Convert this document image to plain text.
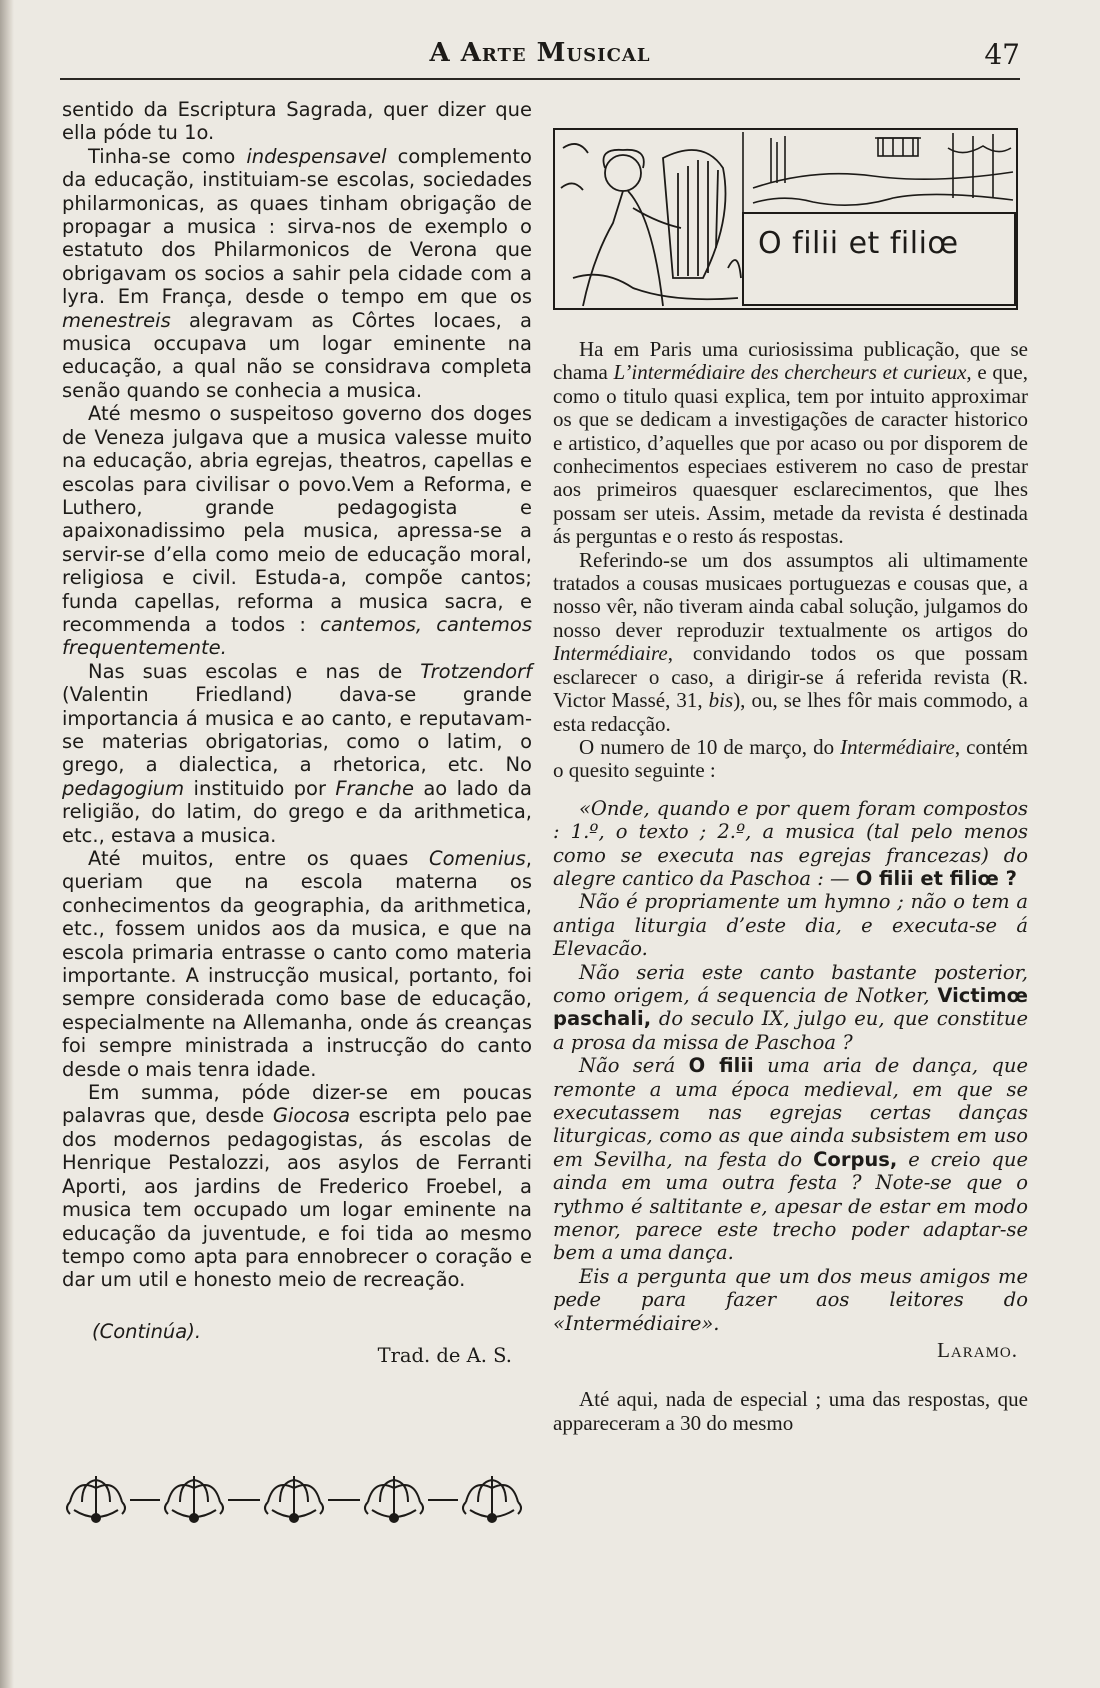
A Arte Musical	47

sentido da Escriptura Sagrada, quer dizer que ella póde tu 1o.

Tinha-se como indespensavel complemento da educação, instituiam-se escolas, sociedades philarmonicas, as quaes tinham obrigação de propagar a musica : sirva-nos de exemplo o estatuto dos Philarmonicos de Verona que obrigavam os socios a sahir pela cidade com a lyra. Em França, desde o tempo em que os menestreis alegravam as Côrtes locaes, a musica occupava um logar eminente na educação, a qual não se considrava completa senão quando se conhecia a musica.

Até mesmo o suspeitoso governo dos doges de Veneza julgava que a musica valesse muito na educação, abria egrejas, theatros, capellas e escolas para civilisar o povo.Vem a Reforma, e Luthero, grande pedagogista e apaixonadissimo pela musica, apressa-se a servir-se d’ella como meio de educação moral, religiosa e civil. Estuda-a, compõe cantos; funda capellas, reforma a musica sacra, e recommenda a todos : cantemos, cantemos frequentemente.

Nas suas escolas e nas de Trotzendorf (Valentin Friedland) dava-se grande importancia á musica e ao canto, e reputavam-se materias obrigatorias, como o latim, o grego, a dialectica, a rhetorica, etc. No pedagogium instituido por Franche ao lado da religião, do latim, do grego e da arithmetica, etc., estava a musica.

Até muitos, entre os quaes Comenius, queriam que na escola materna os conhecimentos da geographia, da arithmetica, etc., fossem unidos aos da musica, e que na escola primaria entrasse o canto como materia importante. A instrucção musical, portanto, foi sempre considerada como base de educação, especialmente na Allemanha, onde ás creanças foi sempre ministrada a instrucção do canto desde o mais tenra idade.

Em summa, póde dizer-se em poucas palavras que, desde Giocosa escripta pelo pae dos modernos pedagogistas, ás escolas de Henrique Pestalozzi, aos asylos de Ferranti Aporti, aos jardins de Frederico Froebel, a musica tem occupado um logar eminente na educação da juventude, e foi tida ao mesmo tempo como apta para ennobrecer o coração e dar um util e honesto meio de recreação.

(Continúa).
Trad. de A. S.
O filii et filiœ

Ha em Paris uma curiosissima publicação, que se chama L’intermédiaire des chercheurs et curieux, e que, como o titulo quasi explica, tem por intuito approximar os que se dedicam a investigações de caracter historico e artistico, d’aquelles que por acaso ou por disporem de conhecimentos especiaes estiverem no caso de prestar aos primeiros quaesquer esclarecimentos, que lhes possam ser uteis. Assim, metade da revista é destinada ás perguntas e o resto ás respostas.

Referindo-se um dos assumptos ali ultimamente tratados a cousas musicaes portuguezas e cousas que, a nosso vêr, não tiveram ainda cabal solução, julgamos do nosso dever reproduzir textualmente os artigos do Intermédiaire, convidando todos os que possam esclarecer o caso, a dirigir-se á referida revista (R. Victor Massé, 31, bis), ou, se lhes fôr mais commodo, a esta redacção.

O numero de 10 de março, do Intermédiaire, contém o quesito seguinte :

«Onde, quando e por quem foram compostos : 1.º, o texto ; 2.º, a musica (tal pelo menos como se executa nas egrejas francezas) do alegre cantico da Paschoa : — O filii et filiœ ?

Não é propriamente um hymno ; não o tem a antiga liturgia d’este dia, e executa-se á Elevacão.

Não seria este canto bastante posterior, como origem, á sequencia de Notker, Victimœ paschali, do seculo IX, julgo eu, que constitue a prosa da missa de Paschoa ?

Não será O filii uma aria de dança, que remonte a uma época medieval, em que se executassem nas egrejas certas danças liturgicas, como as que ainda subsistem em uso em Sevilha, na festa do Corpus, e creio que ainda em uma outra festa ? Note-se que o rythmo é saltitante e, apesar de estar em modo menor, parece este trecho poder adaptar-se bem a uma dança.

Eis a pergunta que um dos meus amigos me pede para fazer aos leitores do «Intermédiaire».

Laramo.

Até aqui, nada de especial ; uma das respostas, que appareceram a 30 do mesmo
